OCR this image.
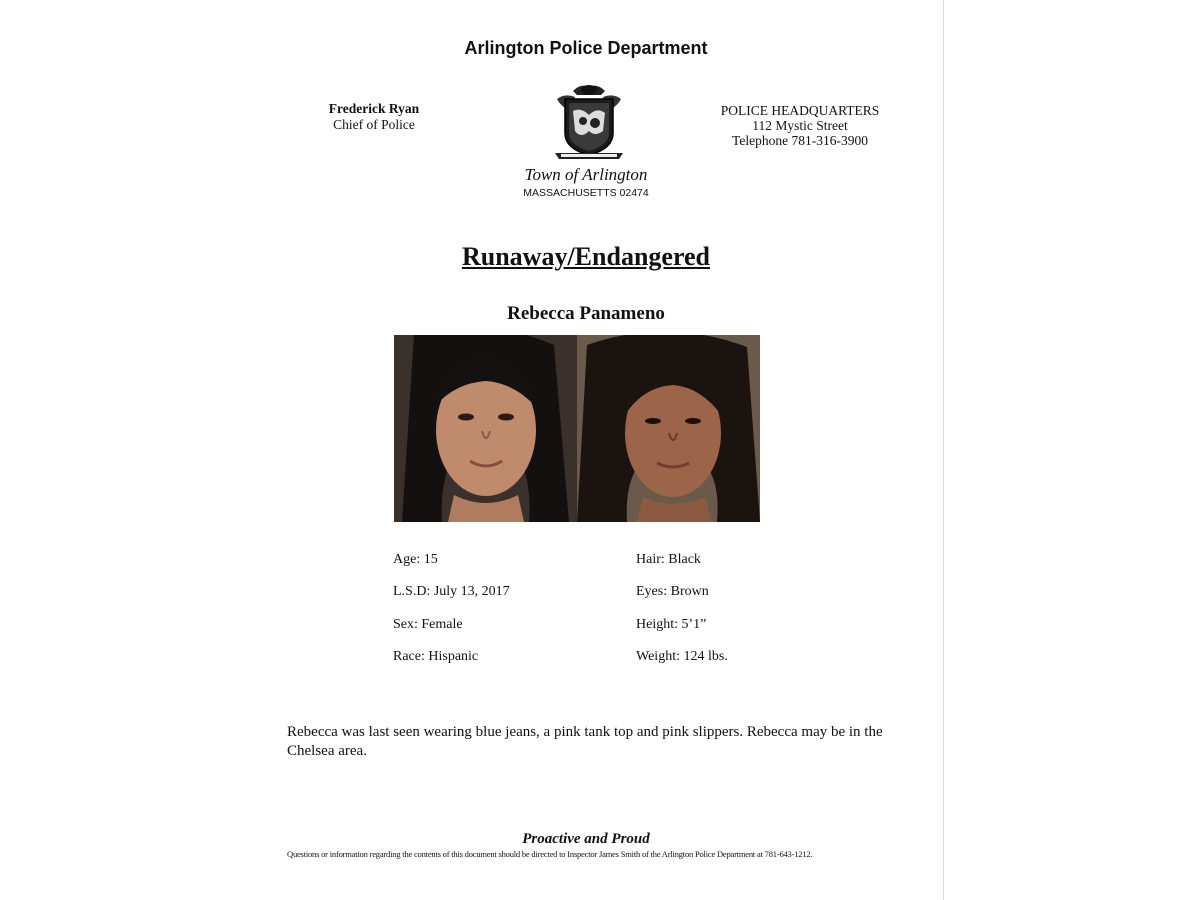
Arlington Police Department
Frederick Ryan
Chief of Police
POLICE HEADQUARTERS
112 Mystic Street
Telephone 781-316-3900
Town of Arlington
MASSACHUSETTS 02474
Runaway/Endangered
Rebecca Panameno
Age: 15
L.S.D: July 13, 2017
Sex: Female
Race: Hispanic
Hair: Black
Eyes: Brown
Height: 5’1”
Weight: 124 lbs.
Rebecca was last seen wearing blue jeans, a pink tank top and pink slippers. Rebecca may be in the Chelsea area.
Proactive and Proud
Questions or information regarding the contents of this document should be directed to Inspector James Smith of the Arlington Police Department at 781-643-1212.
